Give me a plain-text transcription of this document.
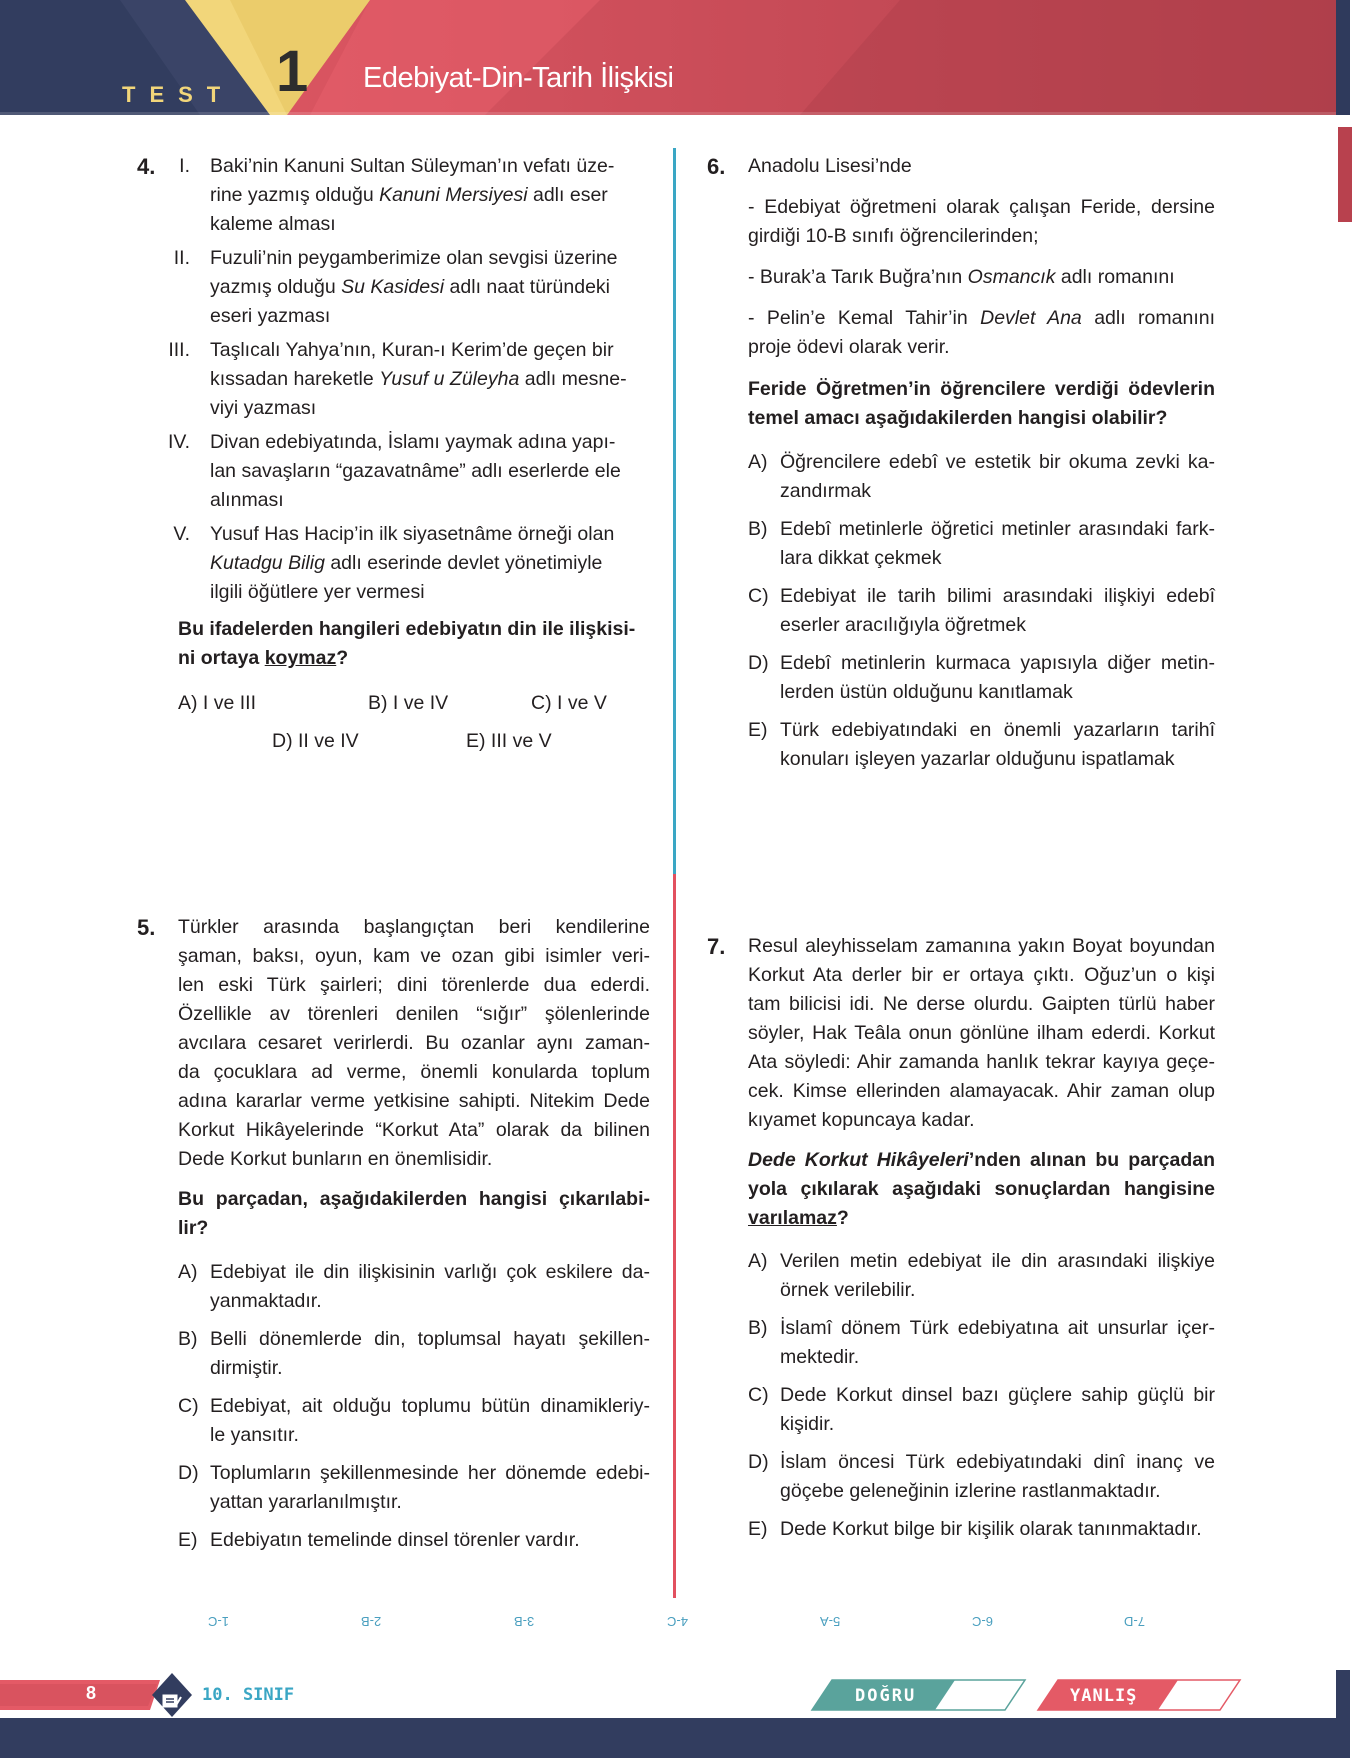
TEST 1 Edebiyat-Din-Tarih İlişkisi
4.	I. Baki’nin Kanuni Sultan Süleyman’ın vefatı üze-
rine yazmış olduğu Kanuni Mersiyesi adlı eser
kaleme alması
II. Fuzuli’nin peygamberimize olan sevgisi üzerine
yazmış olduğu Su Kasidesi adlı naat türündeki
eseri yazması
III. Taşlıcalı Yahya’nın, Kuran-ı Kerim’de geçen bir
kıssadan hareketle Yusuf u Züleyha adlı mesne-
viyi yazması
IV. Divan edebiyatında, İslamı yaymak adına yapı-
lan savaşların “gazavatnâme” adlı eserlerde ele
alınması
V. Yusuf Has Hacip’in ilk siyasetnâme örneği olan
Kutadgu Bilig adlı eserinde devlet yönetimiyle
ilgili öğütlere yer vermesi
Bu ifadelerden hangileri edebiyatın din ile ilişkisi-
ni ortaya koymaz?
A) I ve III	B) I ve IV	C) I ve V
D) II ve IV	E) III ve V
5. Türkler arasında başlangıçtan beri kendilerine
şaman, baksı, oyun, kam ve ozan gibi isimler veri-
len eski Türk şairleri; dini törenlerde dua ederdi.
Özellikle av törenleri denilen “sığır” şölenlerinde
avcılara cesaret verirlerdi. Bu ozanlar aynı zaman-
da çocuklara ad verme, önemli konularda toplum
adına kararlar verme yetkisine sahipti. Nitekim Dede
Korkut Hikâyelerinde “Korkut Ata” olarak da bilinen
Dede Korkut bunların en önemlisidir.
Bu parçadan, aşağıdakilerden hangisi çıkarılabi-
lir?
A) Edebiyat ile din ilişkisinin varlığı çok eskilere da-
yanmaktadır.
B) Belli dönemlerde din, toplumsal hayatı şekillen-
dirmiştir.
C) Edebiyat, ait olduğu toplumu bütün dinamikleriy-
le yansıtır.
D) Toplumların şekillenmesinde her dönemde edebi-
yattan yararlanılmıştır.
E) Edebiyatın temelinde dinsel törenler vardır.
6. Anadolu Lisesi’nde
- Edebiyat öğretmeni olarak çalışan Feride, dersine
girdiği 10-B sınıfı öğrencilerinden;
- Burak’a Tarık Buğra’nın Osmancık adlı romanını
- Pelin’e Kemal Tahir’in Devlet Ana adlı romanını
proje ödevi olarak verir.
Feride Öğretmen’in öğrencilere verdiği ödevlerin
temel amacı aşağıdakilerden hangisi olabilir?
A) Öğrencilere edebî ve estetik bir okuma zevki ka-
zandırmak
B) Edebî metinlerle öğretici metinler arasındaki fark-
lara dikkat çekmek
C) Edebiyat ile tarih bilimi arasındaki ilişkiyi edebî
eserler aracılığıyla öğretmek
D) Edebî metinlerin kurmaca yapısıyla diğer metin-
lerden üstün olduğunu kanıtlamak
E) Türk edebiyatındaki en önemli yazarların tarihî
konuları işleyen yazarlar olduğunu ispatlamak
7. Resul aleyhisselam zamanına yakın Boyat boyundan
Korkut Ata derler bir er ortaya çıktı. Oğuz’un o kişi
tam bilicisi idi. Ne derse olurdu. Gaipten türlü haber
söyler, Hak Teâla onun gönlüne ilham ederdi. Korkut
Ata söyledi: Ahir zamanda hanlık tekrar kayıya geçe-
cek. Kimse ellerinden alamayacak. Ahir zaman olup
kıyamet kopuncaya kadar.
Dede Korkut Hikâyeleri’nden alınan bu parçadan
yola çıkılarak aşağıdaki sonuçlardan hangisine
varılamaz?
A) Verilen metin edebiyat ile din arasındaki ilişkiye
örnek verilebilir.
B) İslamî dönem Türk edebiyatına ait unsurlar içer-
mektedir.
C) Dede Korkut dinsel bazı güçlere sahip güçlü bir
kişidir.
D) İslam öncesi Türk edebiyatındaki dinî inanç ve
göçebe geleneğinin izlerine rastlanmaktadır.
E) Dede Korkut bilge bir kişilik olarak tanınmaktadır.
1-C	2-B	3-B	4-C	5-A	6-C	7-D
8	10. SINIF	DOĞRU	YANLIŞ
